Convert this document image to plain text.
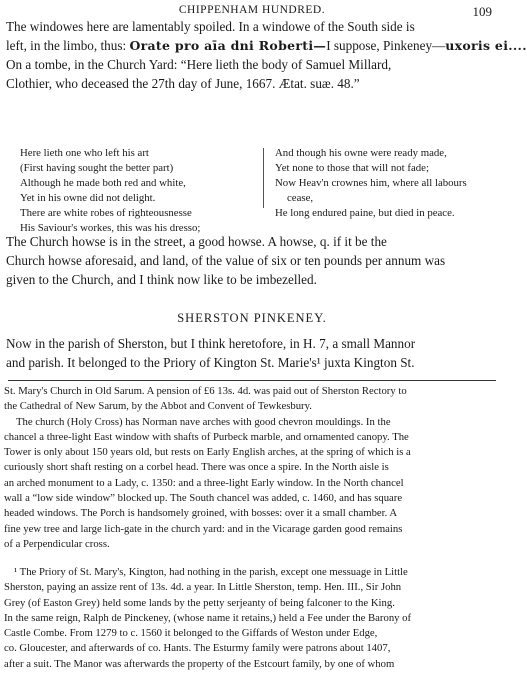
CHIPPENHAM HUNDRED.	109
The windowes here are lamentably spoiled. In a windowe of the South side is
left, in the limbo, thus: Orate pro aīa dni Roberti—I suppose, Pinkeney—uxoris ei....
On a tombe, in the Church Yard: “Here lieth the body of Samuel Millard,
Clothier, who deceased the 27th day of June, 1667. Ætat. suæ. 48.”
Here lieth one who left his art
(First having sought the better part)
Although he made both red and white,
Yet in his owne did not delight.
There are white robes of righteousnesse
His Saviour's workes, this was his dresso;
And though his owne were ready made,
Yet none to those that will not fade;
Now Heav'n crownes him, where all labours
cease,
He long endured paine, but died in peace.
The Church howse is in the street, a good howse. A howse, q. if it be the
Church howse aforesaid, and land, of the value of six or ten pounds per annum was
given to the Church, and I think now like to be imbezelled.
SHERSTON PINKENEY.
Now in the parish of Sherston, but I think heretofore, in H. 7, a small Mannor
and parish. It belonged to the Priory of Kington St. Marie's¹ juxta Kington St.
St. Mary's Church in Old Sarum. A pension of £6 13s. 4d. was paid out of Sherston Rectory to
the Cathedral of New Sarum, by the Abbot and Convent of Tewkesbury.
The church (Holy Cross) has Norman nave arches with good chevron mouldings. In the
chancel a three-light East window with shafts of Purbeck marble, and ornamented canopy. The
Tower is only about 150 years old, but rests on Early English arches, at the spring of which is a
curiously short shaft resting on a corbel head. There was once a spire. In the North aisle is
an arched monument to a Lady, c. 1350: and a three-light Early window. In the North chancel
wall a “low side window” blocked up. The South chancel was added, c. 1460, and has square
headed windows. The Porch is handsomely groined, with bosses: over it a small chamber. A
fine yew tree and large lich-gate in the church yard: and in the Vicarage garden good remains
of a Perpendicular cross.
¹ The Priory of St. Mary's, Kington, had nothing in the parish, except one messuage in Little
Sherston, paying an assize rent of 13s. 4d. a year. In Little Sherston, temp. Hen. III., Sir John
Grey (of Easton Grey) held some lands by the petty serjeanty of being falconer to the King.
In the same reign, Ralph de Pinckeney, (whose name it retains,) held a Fee under the Barony of
Castle Combe. From 1279 to c. 1560 it belonged to the Giffards of Weston under Edge,
co. Gloucester, and afterwards of co. Hants. The Esturmy family were patrons about 1407,
after a suit. The Manor was afterwards the property of the Estcourt family, by one of whom
